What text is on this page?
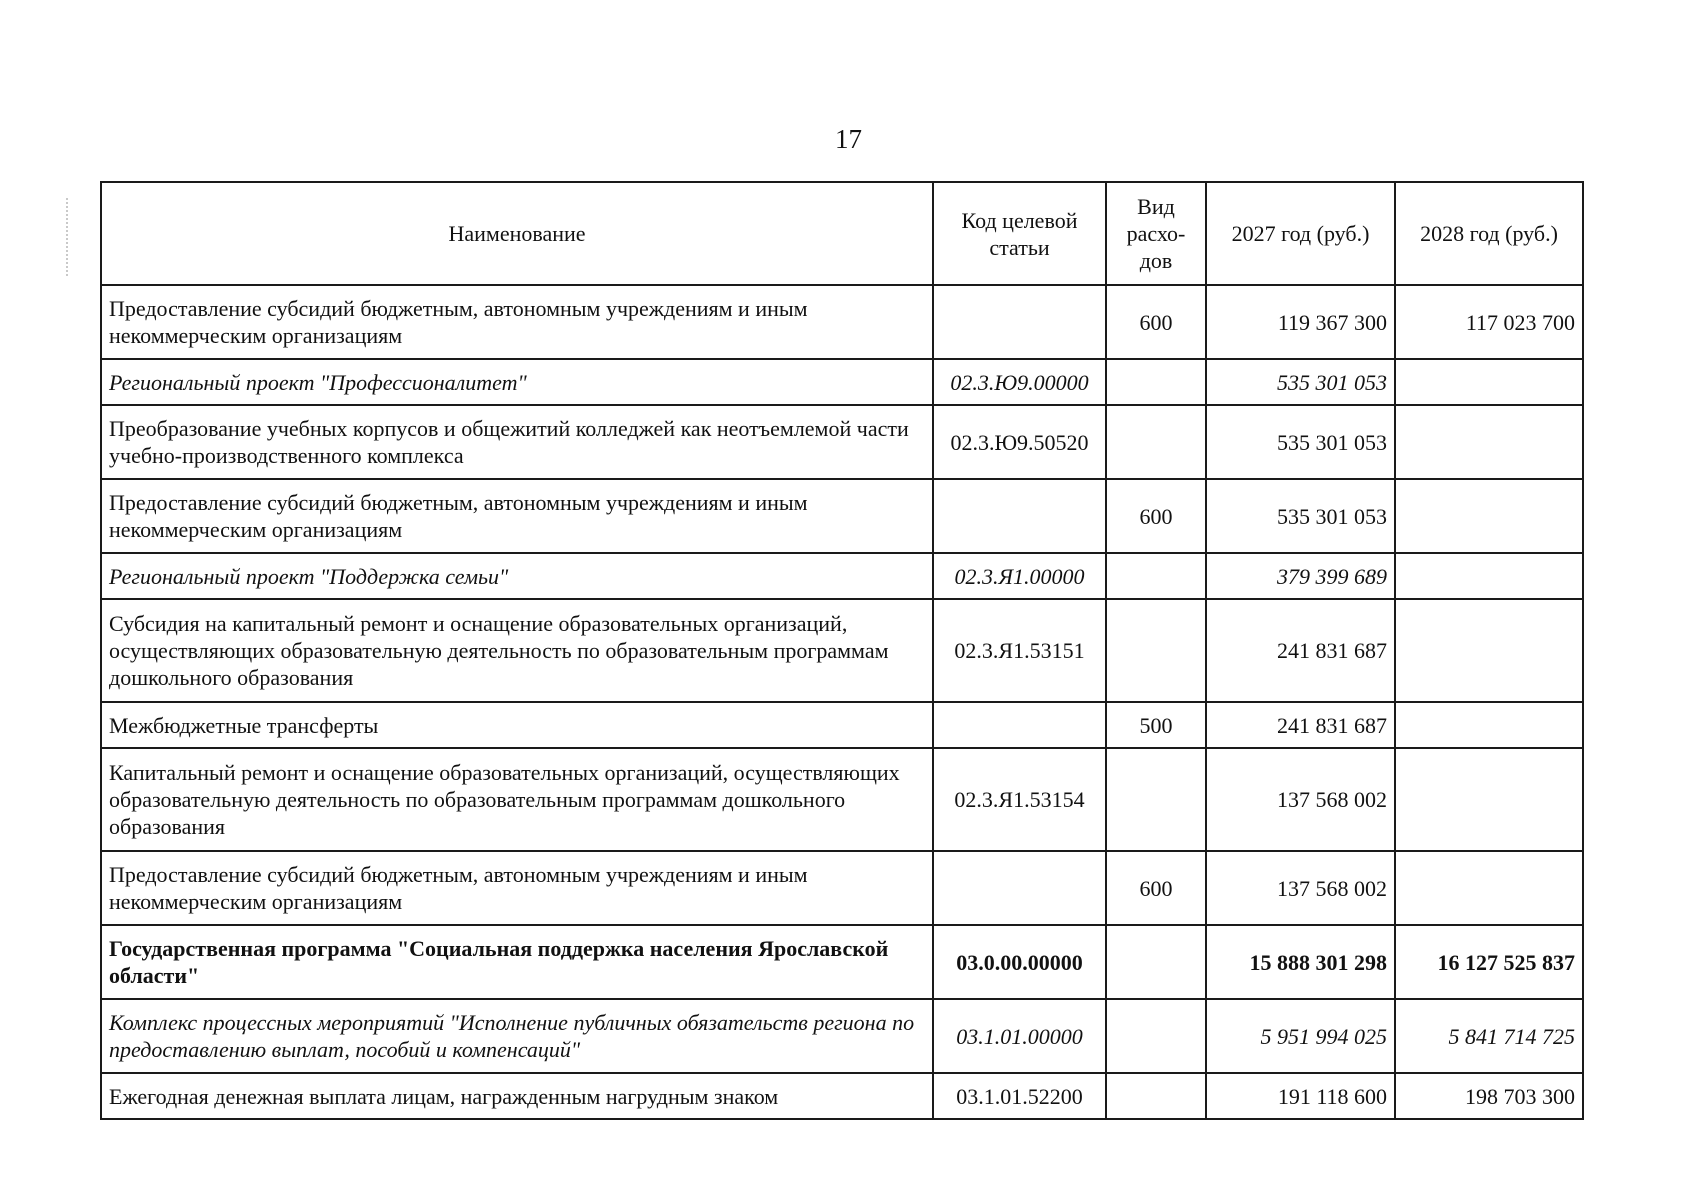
17
Наименование	Код целевой статьи	Вид расхо-дов	2027 год (руб.)	2028 год (руб.)
Предоставление субсидий бюджетным, автономным учреждениям и иным некоммерческим организациям		600	119 367 300	117 023 700
Региональный проект "Профессионалитет"	02.3.Ю9.00000		535 301 053	
Преобразование учебных корпусов и общежитий колледжей как неотъемлемой части учебно-производственного комплекса	02.3.Ю9.50520		535 301 053	
Предоставление субсидий бюджетным, автономным учреждениям и иным некоммерческим организациям		600	535 301 053	
Региональный проект "Поддержка семьи"	02.3.Я1.00000		379 399 689	
Субсидия на капитальный ремонт и оснащение образовательных организаций, осуществляющих образовательную деятельность по образовательным программам дошкольного образования	02.3.Я1.53151		241 831 687	
Межбюджетные трансферты		500	241 831 687	
Капитальный ремонт и оснащение образовательных организаций, осуществляющих образовательную деятельность по образовательным программам дошкольного образования	02.3.Я1.53154		137 568 002	
Предоставление субсидий бюджетным, автономным учреждениям и иным некоммерческим организациям		600	137 568 002	
Государственная программа "Социальная поддержка населения Ярославской области"	03.0.00.00000		15 888 301 298	16 127 525 837
Комплекс процессных мероприятий "Исполнение публичных обязательств региона по предоставлению выплат, пособий и компенсаций"	03.1.01.00000		5 951 994 025	5 841 714 725
Ежегодная денежная выплата лицам, награжденным нагрудным знаком	03.1.01.52200		191 118 600	198 703 300
